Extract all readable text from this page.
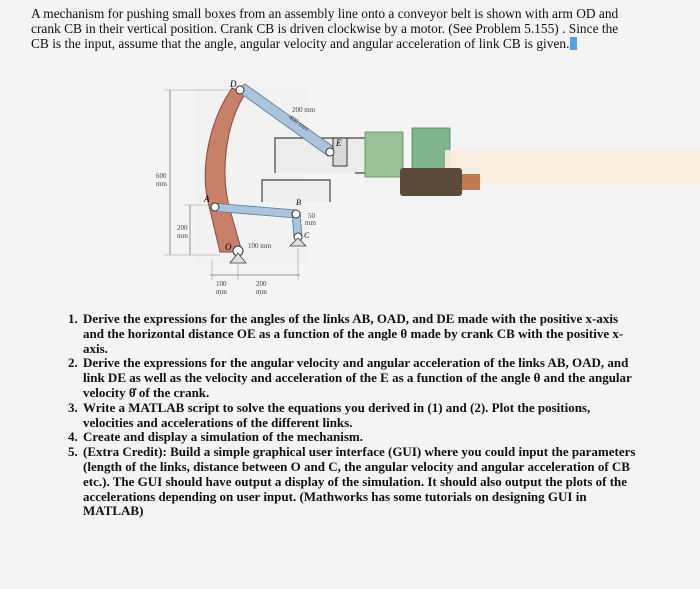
A mechanism for pushing small boxes from an assembly line onto a conveyor belt is shown with arm OD and crank CB in their vertical position. Crank CB is driven clockwise by a motor. (See Problem 5.155) . Since the CB is the input, assume that the angle, angular velocity and angular acceleration of link CB is given.

D
E
A	B
C
O
400 mm
200 mm
600
mm
200
mm
50
mm
100 mm
100
mm
200
mm
1. Derive the expressions for the angles of the links AB, OAD, and DE made with the positive x-axis and the horizontal distance OE as a function of the angle θ made by crank CB with the positive x-axis.
2. Derive the expressions for the angular velocity and angular acceleration of the links AB, OAD, and link DE as well as the velocity and acceleration of the E as a function of the angle θ and the angular velocity θ̇ of the crank.
3. Write a MATLAB script to solve the equations you derived in (1) and (2). Plot the positions, velocities and accelerations of the different links.
4. Create and display a simulation of the mechanism.
5. (Extra Credit): Build a simple graphical user interface (GUI) where you could input the parameters (length of the links, distance between O and C, the angular velocity and angular acceleration of CB etc.). The GUI should have output a display of the simulation. It should also output the plots of the accelerations depending on user input. (Mathworks has some tutorials on designing GUI in MATLAB)
